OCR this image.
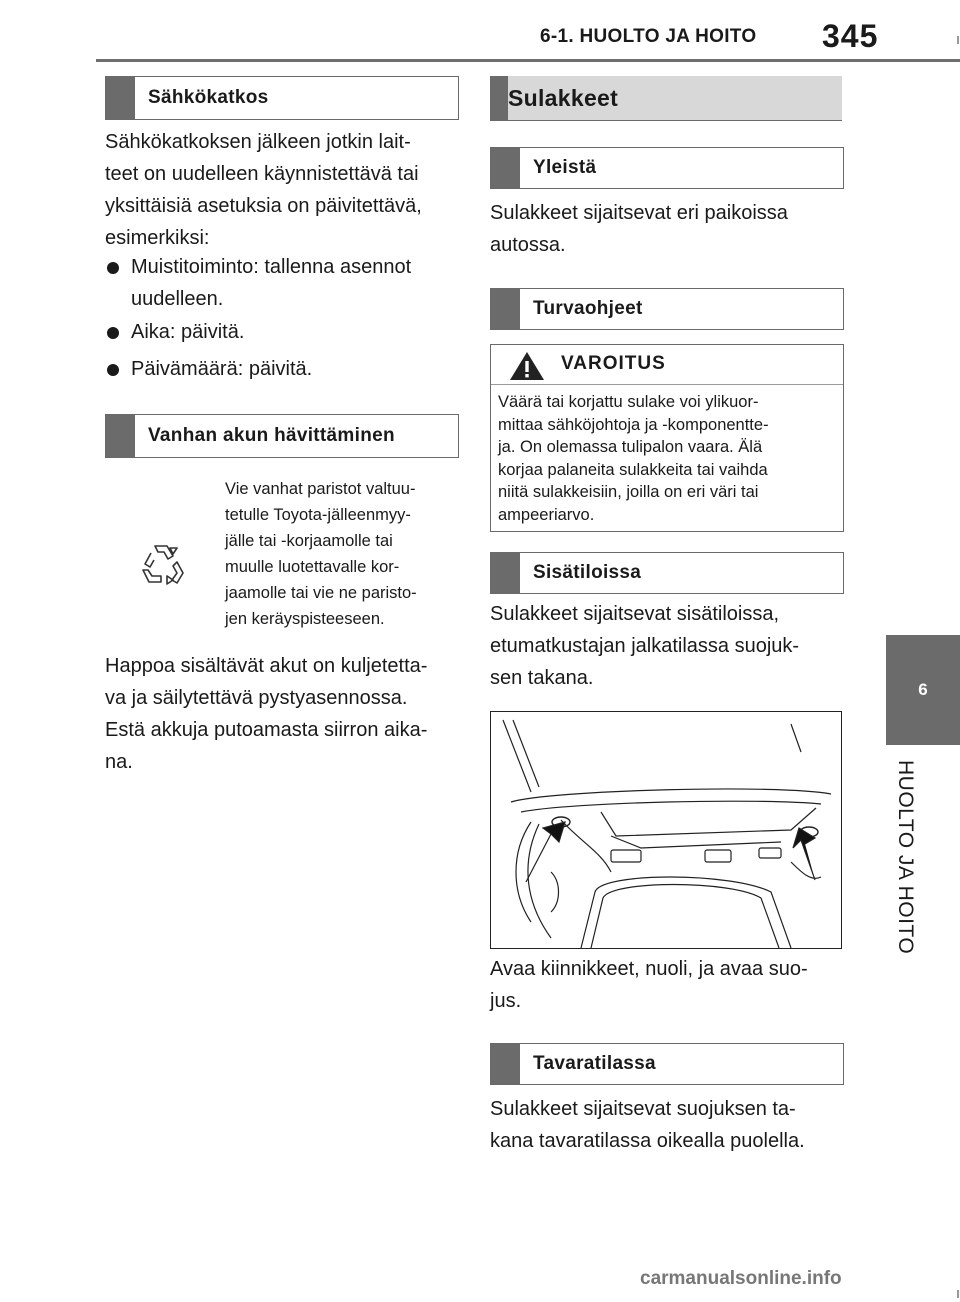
6-1. HUOLTO JA HOITO 345
6
HUOLTO JA HOITO
Sähkökatkos
Sähkökatkoksen jälkeen jotkin lait-
teet on uudelleen käynnistettävä tai
yksittäisiä asetuksia on päivitettävä,
esimerkiksi:
Muistitoiminto: tallenna asennot
uudelleen.
Aika: päivitä.
Päivämäärä: päivitä.
Vanhan akun hävittäminen
Vie vanhat paristot valtuu-
tetulle Toyota-jälleenmyy-
jälle tai -korjaamolle tai
muulle luotettavalle kor-
jaamolle tai vie ne paristo-
jen keräyspisteeseen.
Happoa sisältävät akut on kuljetetta-
va ja säilytettävä pystyasennossa.
Estä akkuja putoamasta siirron aika-
na.
Sulakkeet
Yleistä
Sulakkeet sijaitsevat eri paikoissa
autossa.
Turvaohjeet
VAROITUS
Väärä tai korjattu sulake voi ylikuor-
mittaa sähköjohtoja ja -komponentte-
ja. On olemassa tulipalon vaara. Älä
korjaa palaneita sulakkeita tai vaihda
niitä sulakkeisiin, joilla on eri väri tai
ampeeriarvo.
Sisätiloissa
Sulakkeet sijaitsevat sisätiloissa,
etumatkustajan jalkatilassa suojuk-
sen takana.
Avaa kiinnikkeet, nuoli, ja avaa suo-
jus.
Tavaratilassa
Sulakkeet sijaitsevat suojuksen ta-
kana tavaratilassa oikealla puolella.
carmanualsonline.info
